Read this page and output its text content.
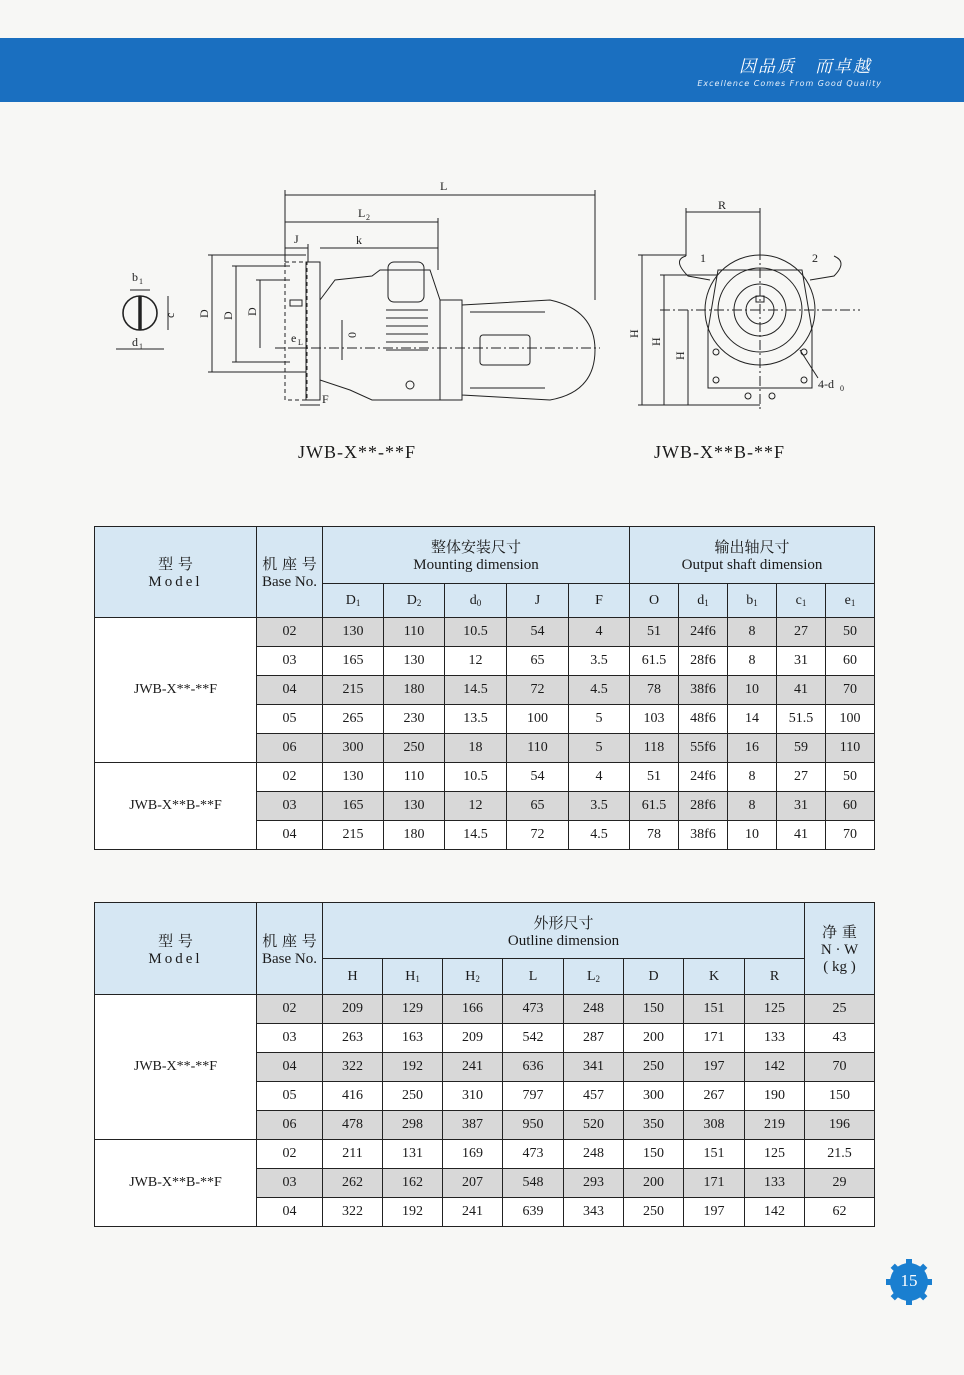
因品质　而卓越
Excellence Comes From Good Quality
b 1
c
d 1
L
L 2
J	k
D D D
e L
F
0
R
H
H
H
1	2
4-d 0
JWB-X**-**F	JWB-X**B-**F
型 号
Model	机 座 号
Base No.	整体安装尺寸
Mounting dimension					输出轴尺寸
Output shaft dimension				

		$D_1$	$D_2$	$d_0$	J	F	O	$d_1$	$b_1$	$c_1$	$e_1$
JWB-X**-**F	02	130	110	10.5	54	4	51	24f6	8	27	50
	03	165	130	12	65	3.5	61.5	28f6	8	31	60
	04	215	180	14.5	72	4.5	78	38f6	10	41	70
	05	265	230	13.5	100	5	103	48f6	14	51.5	100
	06	300	250	18	110	5	118	55f6	16	59	110
JWB-X**B-**F	02	130	110	10.5	54	4	51	24f6	8	27	50
	03	165	130	12	65	3.5	61.5	28f6	8	31	60
	04	215	180	14.5	72	4.5	78	38f6	10	41	70
型 号
Model	机 座 号
Base No.	外形尺寸
Outline dimension								净 重
N · W
( kg )

		H	$H_1$	$H_2$	L	$L_2$	D	K	R	
JWB-X**-**F	02	209	129	166	473	248	150	151	125	25
	03	263	163	209	542	287	200	171	133	43
	04	322	192	241	636	341	250	197	142	70
	05	416	250	310	797	457	300	267	190	150
	06	478	298	387	950	520	350	308	219	196
JWB-X**B-**F	02	211	131	169	473	248	150	151	125	21.5
	03	262	162	207	548	293	200	171	133	29
	04	322	192	241	639	343	250	197	142	62
15
